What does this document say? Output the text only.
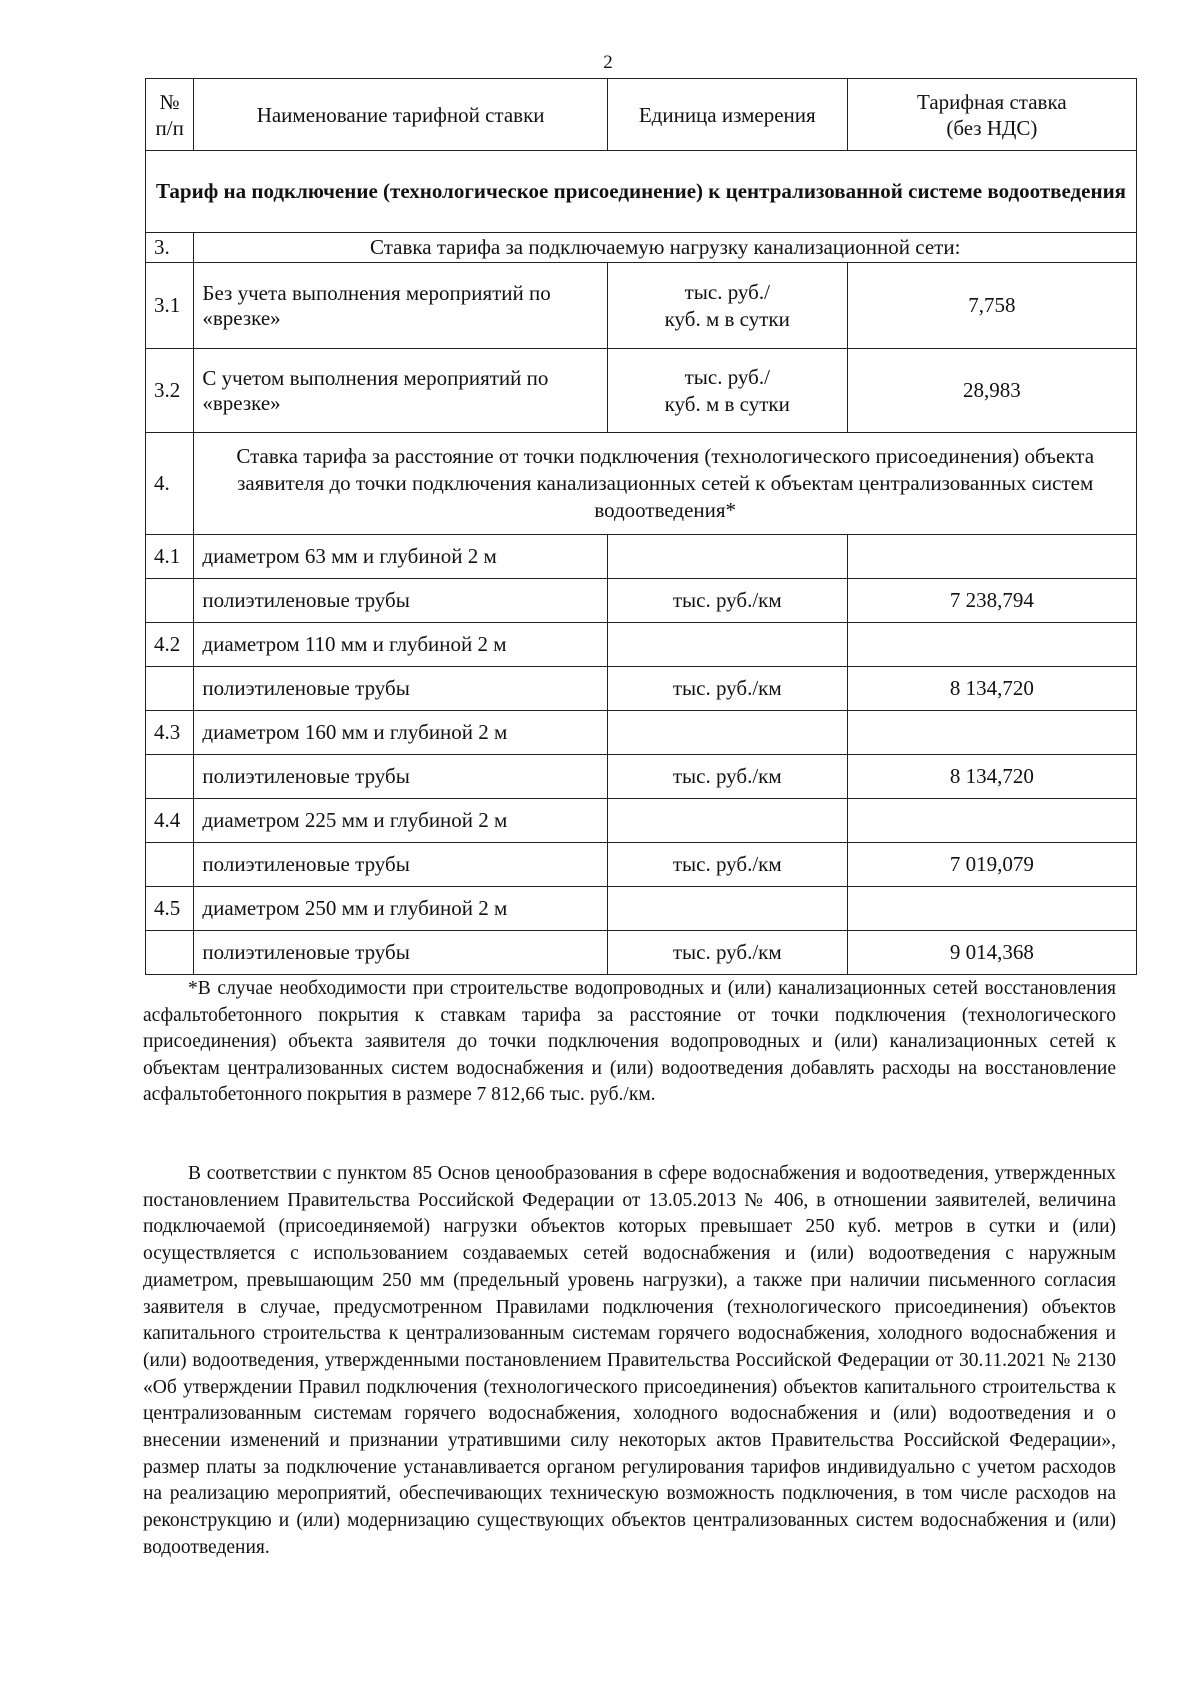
2
№
п/п	Наименование тарифной ставки	Единица измерения	Тарифная ставка
(без НДС)
Тариф на подключение (технологическое присоединение) к централизованной системе водоотведения			
3.	Ставка тарифа за подключаемую нагрузку канализационной сети:		
3.1	Без учета выполнения мероприятий по «врезке»	тыс. руб./
куб. м в сутки	7,758
3.2	С учетом выполнения мероприятий по «врезке»	тыс. руб./
куб. м в сутки	28,983
4.	Ставка тарифа за расстояние от точки подключения (технологического присоединения) объекта заявителя до точки подключения канализационных сетей к объектам централизованных систем водоотведения*		
4.1	диаметром 63 мм и глубиной 2 м		
	полиэтиленовые трубы	тыс. руб./км	7 238,794
4.2	диаметром 110 мм и глубиной 2 м		
	полиэтиленовые трубы	тыс. руб./км	8 134,720
4.3	диаметром 160 мм и глубиной 2 м		
	полиэтиленовые трубы	тыс. руб./км	8 134,720
4.4	диаметром 225 мм и глубиной 2 м		
	полиэтиленовые трубы	тыс. руб./км	7 019,079
4.5	диаметром 250 мм и глубиной 2 м		
	полиэтиленовые трубы	тыс. руб./км	9 014,368

*В случае необходимости при строительстве водопроводных и (или) канализационных сетей восстановления асфальтобетонного покрытия к ставкам тарифа за расстояние от точки подключения (технологического присоединения) объекта заявителя до точки подключения водопроводных и (или) канализационных сетей к объектам централизованных систем водоснабжения и (или) водоотведения добавлять расходы на восстановление асфальтобетонного покрытия в размере 7 812,66 тыс. руб./км.

В соответствии с пунктом 85 Основ ценообразования в сфере водоснабжения и водоотведения, утвержденных постановлением Правительства Российской Федерации от 13.05.2013 № 406, в отношении заявителей, величина подключаемой (присоединяемой) нагрузки объектов которых превышает 250 куб. метров в сутки и (или) осуществляется с использованием создаваемых сетей водоснабжения и (или) водоотведения с наружным диаметром, превышающим 250 мм (предельный уровень нагрузки), а также при наличии письменного согласия заявителя в случае, предусмотренном Правилами подключения (технологического присоединения) объектов капитального строительства к централизованным системам горячего водоснабжения, холодного водоснабжения и (или) водоотведения, утвержденными постановлением Правительства Российской Федерации от 30.11.2021 № 2130 «Об утверждении Правил подключения (технологического присоединения) объектов капитального строительства к централизованным системам горячего водоснабжения, холодного водоснабжения и (или) водоотведения и о внесении изменений и признании утратившими силу некоторых актов Правительства Российской Федерации», размер платы за подключение устанавливается органом регулирования тарифов индивидуально с учетом расходов на реализацию мероприятий, обеспечивающих техническую возможность подключения, в том числе расходов на реконструкцию и (или) модернизацию существующих объектов централизованных систем водоснабжения и (или) водоотведения.
